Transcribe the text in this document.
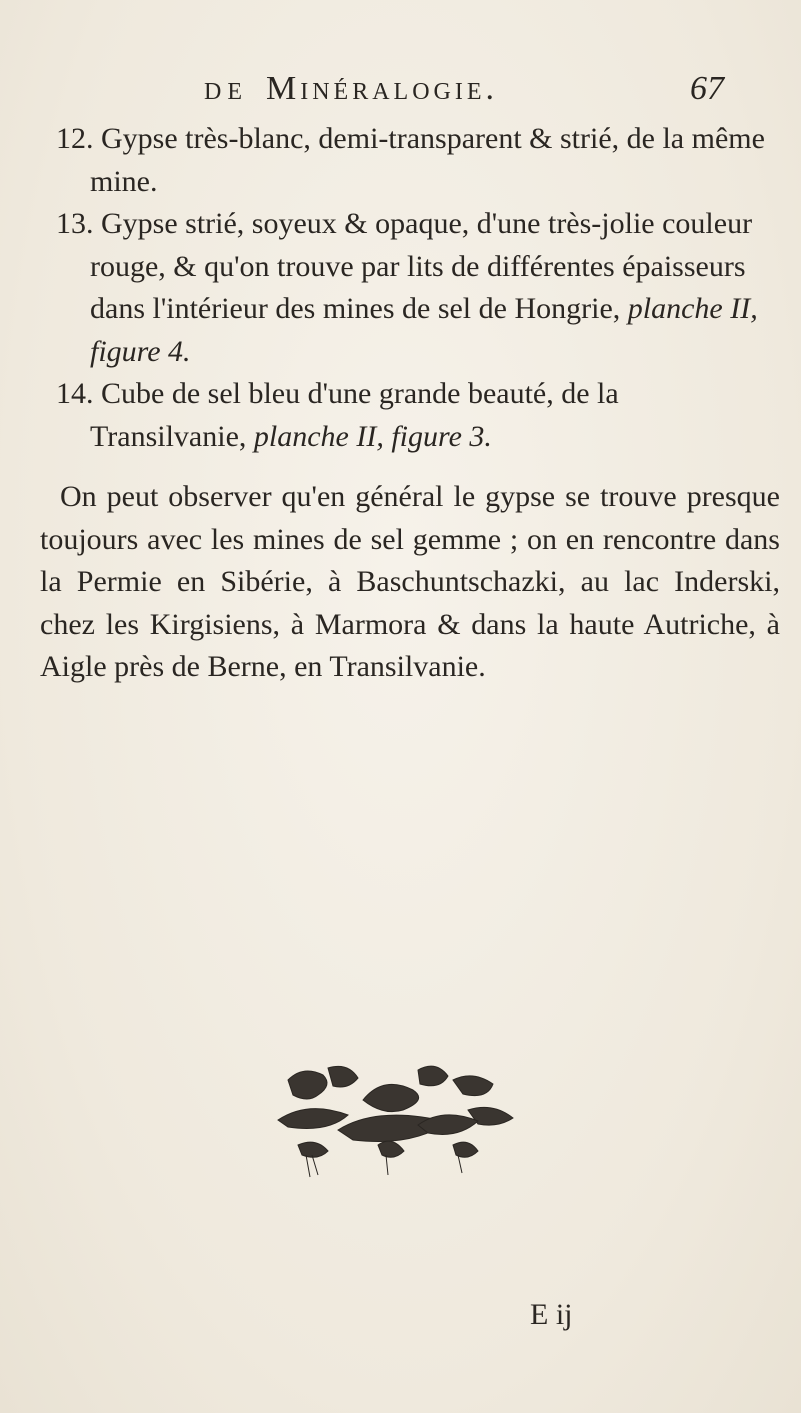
DE Minéralogie.	67

12. Gypse très-blanc, demi-transparent & strié, de la même mine.

13. Gypse strié, soyeux & opaque, d'une très-jolie couleur rouge, & qu'on trouve par lits de différentes épaisseurs dans l'intérieur des mines de sel de Hongrie, planche II, figure 4.

14. Cube de sel bleu d'une grande beauté, de la Transilvanie, planche II, figure 3.

On peut observer qu'en général le gypse se trouve presque toujours avec les mines de sel gemme ; on en rencontre dans la Permie en Sibérie, à Baschuntschazki, au lac Inderski, chez les Kirgisiens, à Marmora & dans la haute Autriche, à Aigle près de Berne, en Transilvanie.

E ij
